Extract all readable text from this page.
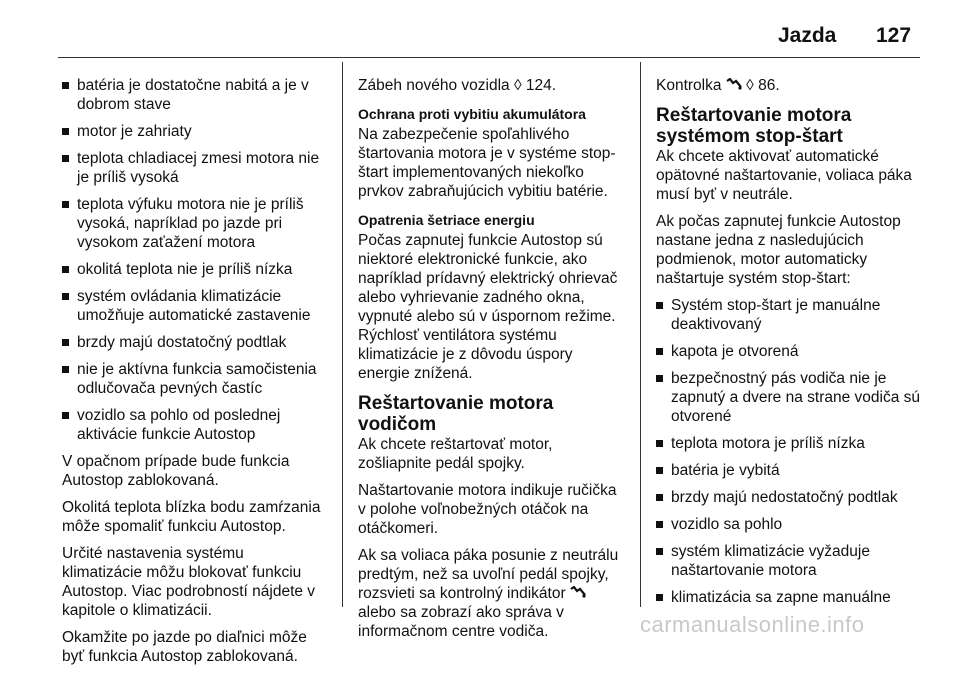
Jazda 127
batéria je dostatočne nabitá a je v dobrom stave
motor je zahriaty
teplota chladiacej zmesi motora nie je príliš vysoká
teplota výfuku motora nie je príliš vysoká, napríklad po jazde pri vysokom zaťažení motora
okolitá teplota nie je príliš nízka
systém ovládania klimatizácie umožňuje automatické zastavenie
brzdy majú dostatočný podtlak
nie je aktívna funkcia samočistenia odlučovača pevných častíc
vozidlo sa pohlo od poslednej aktivácie funkcie Autostop

V opačnom prípade bude funkcia Autostop zablokovaná.

Okolitá teplota blízka bodu zamŕzania môže spomaliť funkciu Autostop.

Určité nastavenia systému klimatizácie môžu blokovať funkciu Autostop. Viac podrobností nájdete v kapitole o klimatizácii.

Okamžite po jazde po diaľnici môže byť funkcia Autostop zablokovaná.

Zábeh nového vozidla ◊ 124.

Ochrana proti vybitiu akumulátora

Na zabezpečenie spoľahlivého štartovania motora je v systéme stop-štart implementovaných niekoľko prvkov zabraňujúcich vybitiu batérie.

Opatrenia šetriace energiu

Počas zapnutej funkcie Autostop sú niektoré elektronické funkcie, ako napríklad prídavný elektrický ohrievač alebo vyhrievanie zadného okna, vypnuté alebo sú v úspornom režime. Rýchlosť ventilátora systému klimatizácie je z dôvodu úspory energie znížená.

Reštartovanie motora vodičom

Ak chcete reštartovať motor, zošliapnite pedál spojky.

Naštartovanie motora indikuje ručička v polohe voľnobežných otáčok na otáčkomeri.

Ak sa voliaca páka posunie z neutrálu predtým, než sa uvoľní pedál spojky, rozsvieti sa kontrolný indikátor  alebo sa zobrazí ako správa v informačnom centre vodiča.

Kontrolka ◊ 86.

Reštartovanie motora systémom stop-štart

Ak chcete aktivovať automatické opätovné naštartovanie, voliaca páka musí byť v neutrále.

Ak počas zapnutej funkcie Autostop nastane jedna z nasledujúcich podmienok, motor automaticky naštartuje systém stop-štart:

Systém stop-štart je manuálne deaktivovaný
kapota je otvorená
bezpečnostný pás vodiča nie je zapnutý a dvere na strane vodiča sú otvorené
teplota motora je príliš nízka
batéria je vybitá
brzdy majú nedostatočný podtlak
vozidlo sa pohlo
systém klimatizácie vyžaduje naštartovanie motora
klimatizácia sa zapne manuálne
carmanualsonline.info
